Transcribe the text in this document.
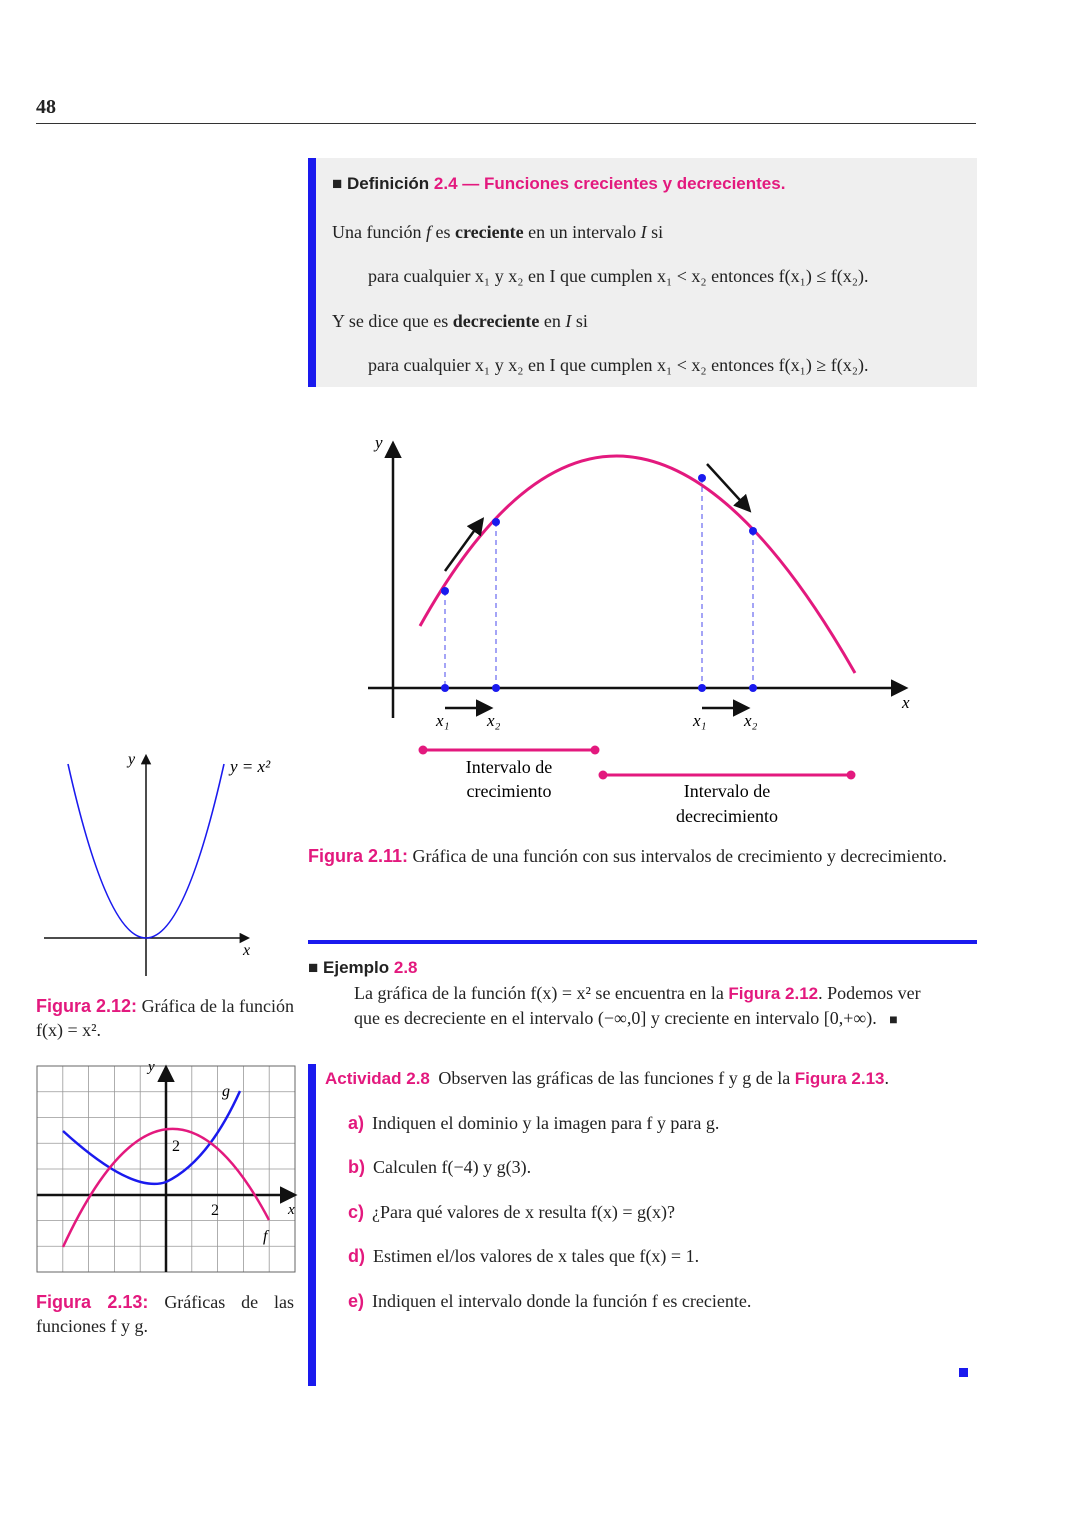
48
■ Definición 2.4 — Funciones crecientes y decrecientes.
Una función f es creciente en un intervalo I si
para cualquier x₁ y x₂ en I que cumplen x₁ < x₂ entonces f(x₁) ≤ f(x₂).
Y se dice que es decreciente en I si
para cualquier x₁ y x₂ en I que cumplen x₁ < x₂ entonces f(x₁) ≥ f(x₂).
y
x
x₁ x₂	x₁ x₂
Intervalo de
crecimiento	Intervalo de
decrecimiento
Figura 2.11: Gráfica de una función con sus intervalos de crecimiento y decrecimiento.
y
x
y = x²
Figura 2.12: Gráfica de la función f(x) = x².
y
x
2
2
g
f
Figura 2.13: Gráficas de las funciones f y g.
■ Ejemplo 2.8
La gráfica de la función f(x) = x² se encuentra en la Figura 2.12. Podemos ver
que es decreciente en el intervalo (−∞,0] y creciente en intervalo [0,+∞). ■
Actividad 2.8 Observen las gráficas de las funciones f y g de la Figura 2.13.
a) Indiquen el dominio y la imagen para f y para g.
b) Calculen f(−4) y g(3).
c) ¿Para qué valores de x resulta f(x) = g(x)?
d) Estimen el/los valores de x tales que f(x) = 1.
e) Indiquen el intervalo donde la función f es creciente.
